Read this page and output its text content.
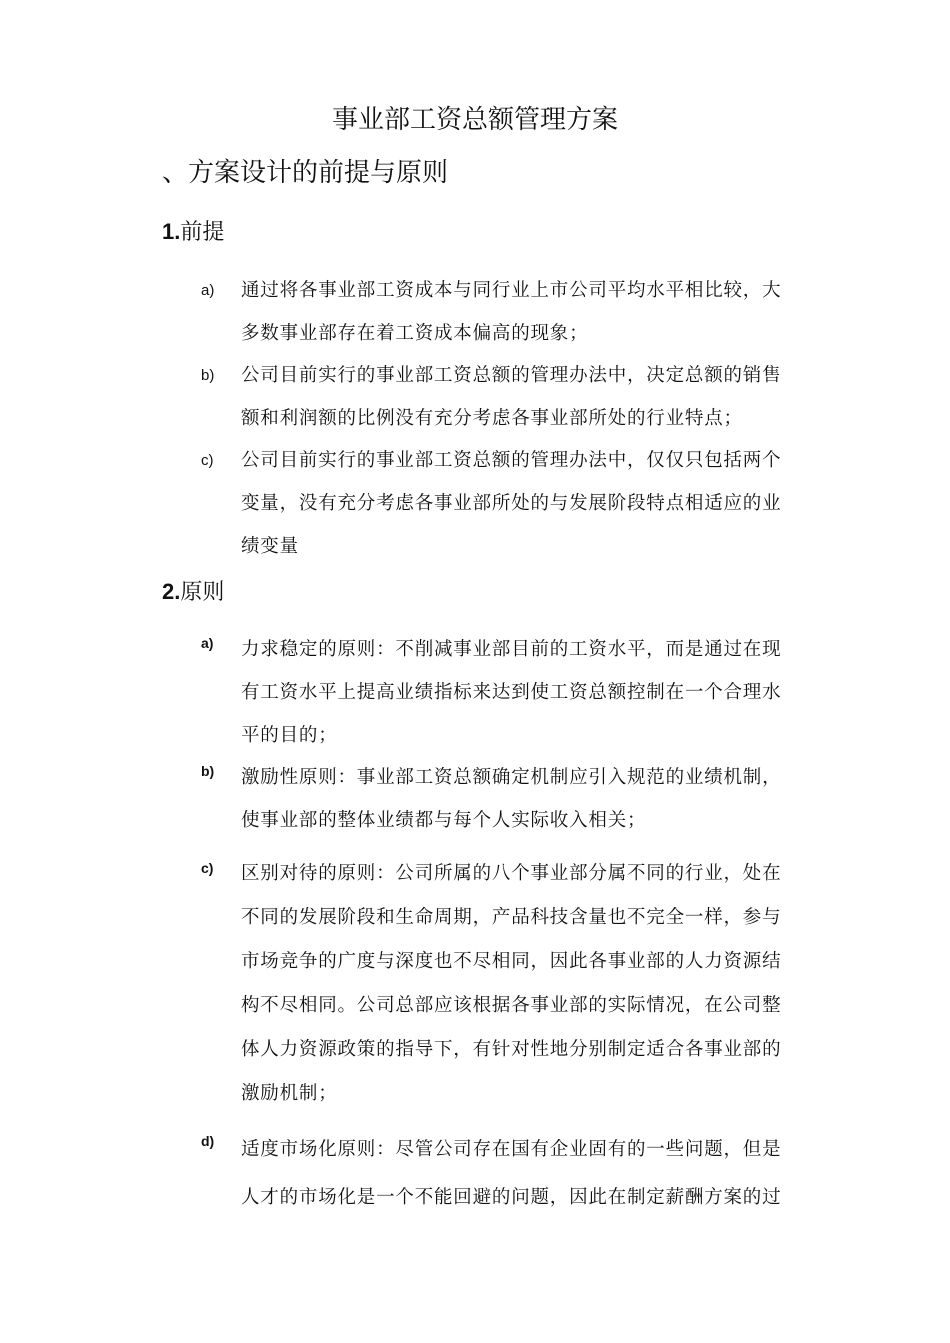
事业部工资总额管理方案
、方案设计的前提与原则
1.前提
a) 通过将各事业部工资成本与同行业上市公司平均水平相比较，大
多数事业部存在着工资成本偏高的现象；
b) 公司目前实行的事业部工资总额的管理办法中，决定总额的销售
额和利润额的比例没有充分考虑各事业部所处的行业特点；
c) 公司目前实行的事业部工资总额的管理办法中，仅仅只包括两个
变量，没有充分考虑各事业部所处的与发展阶段特点相适应的业
绩变量
2.原则
a) 力求稳定的原则：不削减事业部目前的工资水平，而是通过在现
有工资水平上提高业绩指标来达到使工资总额控制在一个合理水
平的目的；
b) 激励性原则：事业部工资总额确定机制应引入规范的业绩机制，
使事业部的整体业绩都与每个人实际收入相关；
c) 区别对待的原则：公司所属的八个事业部分属不同的行业，处在
不同的发展阶段和生命周期，产品科技含量也不完全一样，参与
市场竞争的广度与深度也不尽相同，因此各事业部的人力资源结
构不尽相同。公司总部应该根据各事业部的实际情况，在公司整
体人力资源政策的指导下，有针对性地分别制定适合各事业部的
激励机制；
d) 适度市场化原则：尽管公司存在国有企业固有的一些问题，但是
人才的市场化是一个不能回避的问题，因此在制定薪酬方案的过
